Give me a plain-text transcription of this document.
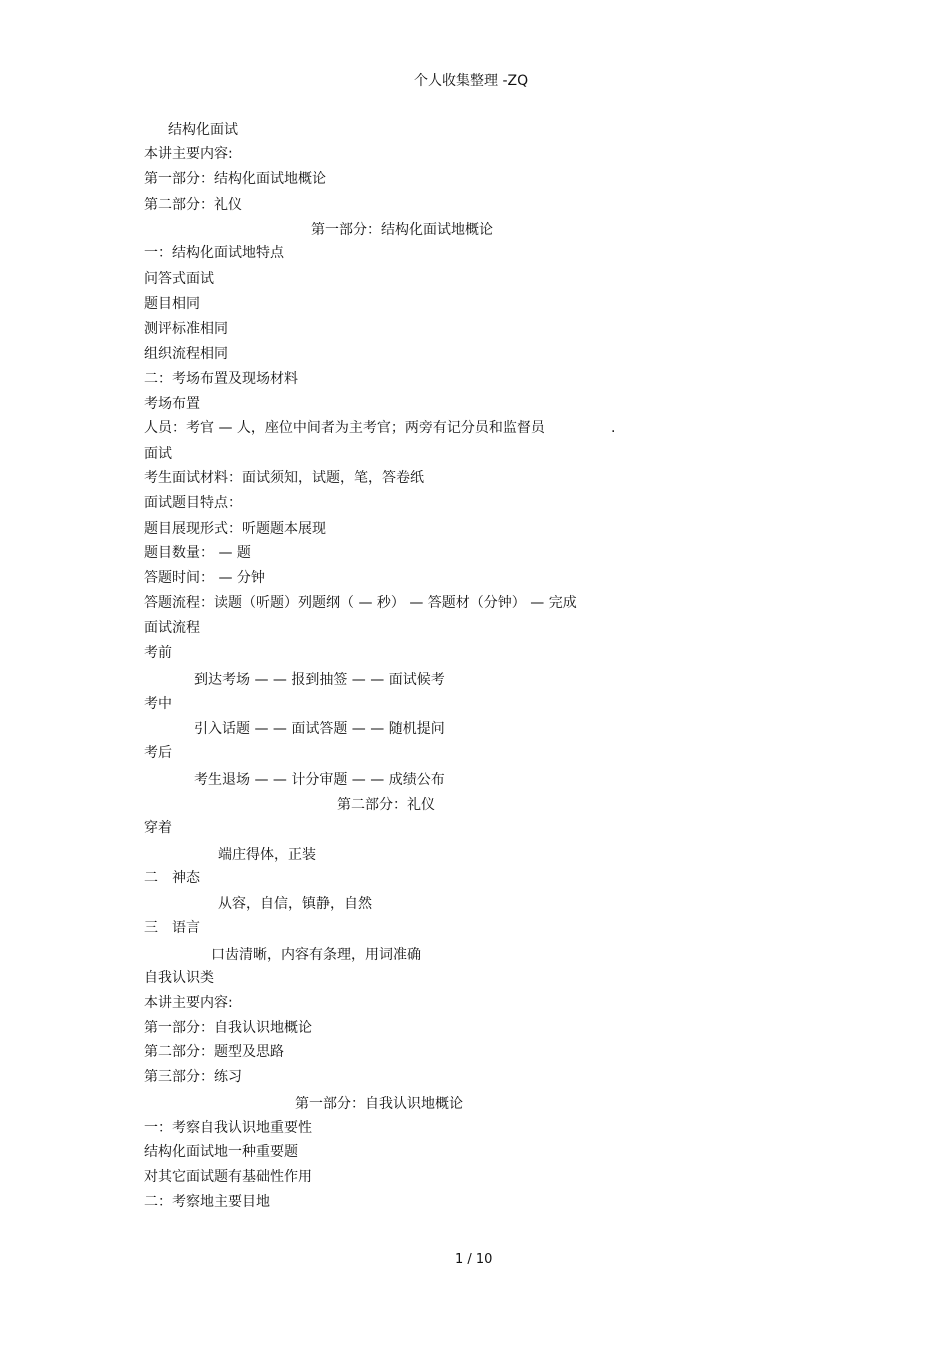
个人收集整理 -ZQ
结构化面试
本讲主要内容:
第一部分：结构化面试地概论
第二部分：礼仪
第一部分：结构化面试地概论
一：结构化面试地特点
问答式面试
题目相同
测评标准相同
组织流程相同
二：考场布置及现场材料
考场布置
人员：考官 — 人，座位中间者为主考官；两旁有记分员和监督员	.
面试
考生面试材料：面试须知，试题，笔，答卷纸
面试题目特点：
题目展现形式：听题题本展现
题目数量： — 题
答题时间： — 分钟
答题流程：读题（听题）列题纲（ — 秒） — 答题材（分钟） — 完成
面试流程
考前
到达考场 — — 报到抽签 — — 面试候考
考中
引入话题 — — 面试答题 — — 随机提问
考后
考生退场 — — 计分审题 — — 成绩公布
第二部分：礼仪
穿着
端庄得体，正装
二　神态
从容，自信，镇静，自然
三　语言
口齿清晰，内容有条理，用词准确
自我认识类
本讲主要内容:
第一部分：自我认识地概论
第二部分：题型及思路
第三部分：练习
第一部分：自我认识地概论
一：考察自我认识地重要性
结构化面试地一种重要题
对其它面试题有基础性作用
二：考察地主要目地
1 / 10
